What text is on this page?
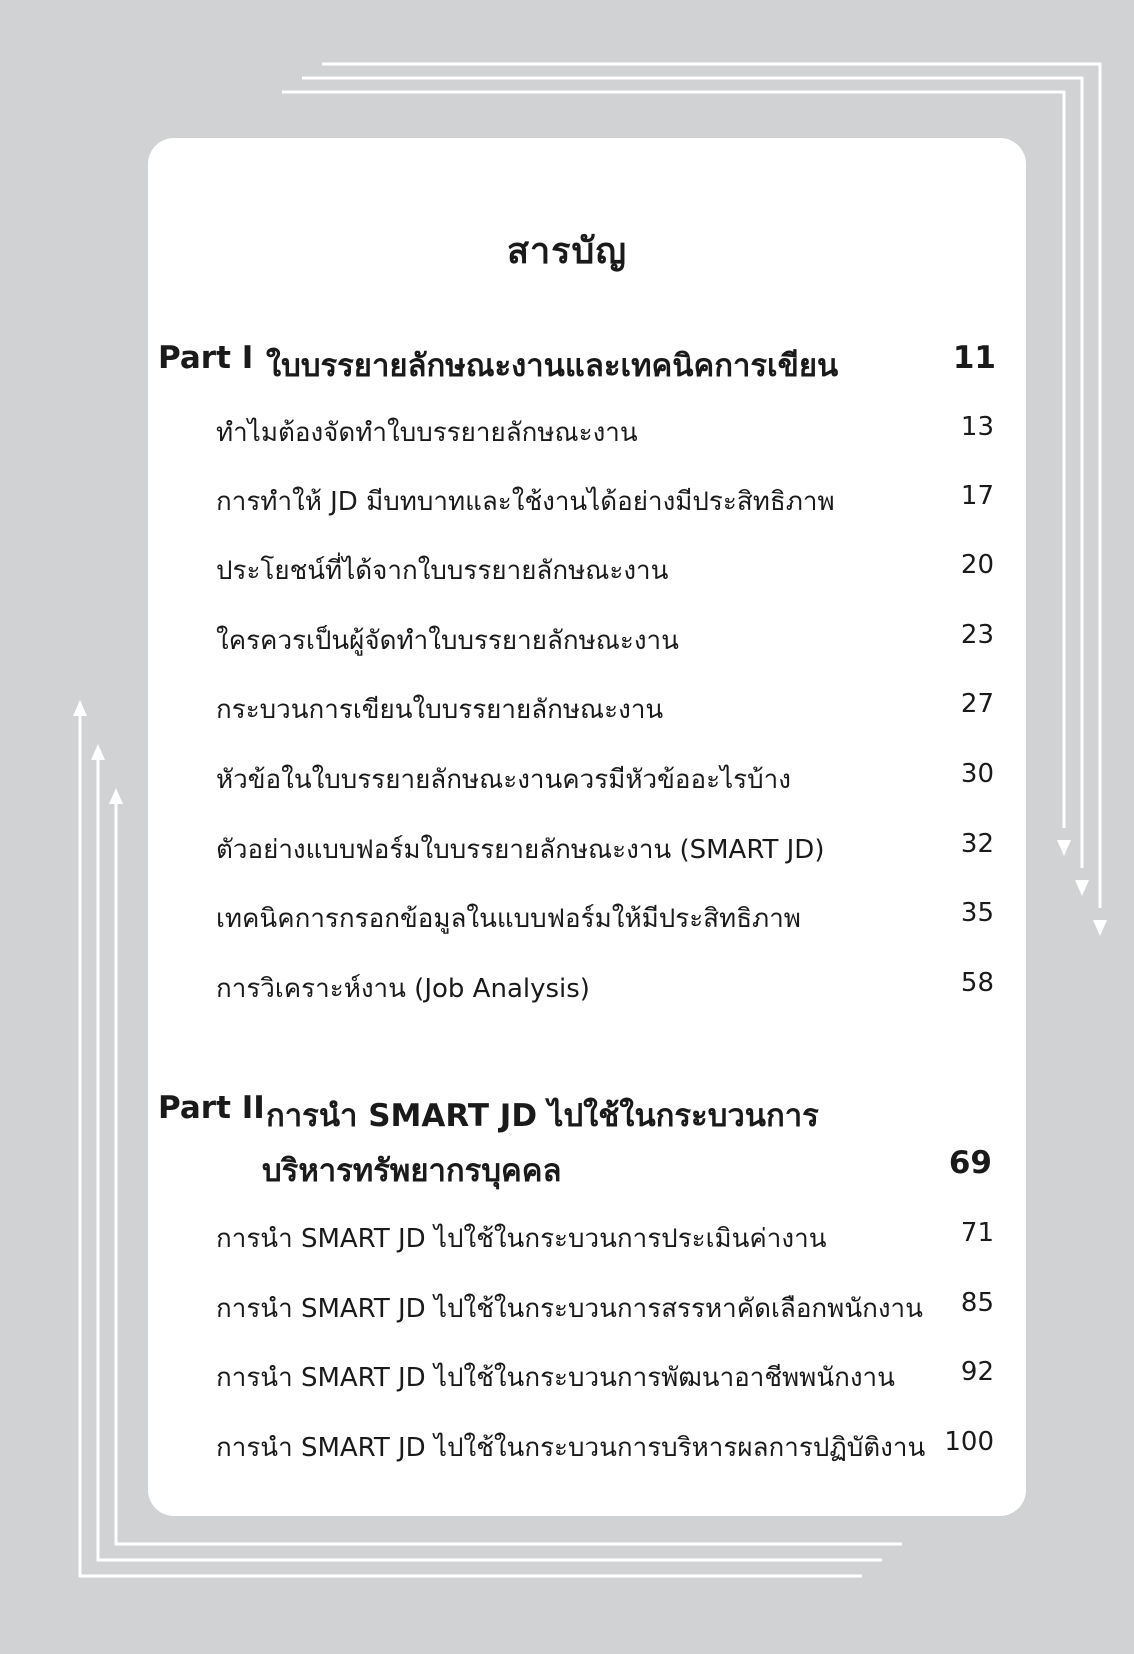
สารบัญ
Part I ใบบรรยายลักษณะงานและเทคนิคการเขียน	11
ทำไมต้องจัดทำใบบรรยายลักษณะงาน	13
การทำให้ JD มีบทบาทและใช้งานได้อย่างมีประสิทธิภาพ	17
ประโยชน์ที่ได้จากใบบรรยายลักษณะงาน	20
ใครควรเป็นผู้จัดทำใบบรรยายลักษณะงาน	23
กระบวนการเขียนใบบรรยายลักษณะงาน	27
หัวข้อในใบบรรยายลักษณะงานควรมีหัวข้ออะไรบ้าง	30
ตัวอย่างแบบฟอร์มใบบรรยายลักษณะงาน (SMART JD)	32
เทคนิคการกรอกข้อมูลในแบบฟอร์มให้มีประสิทธิภาพ	35
การวิเคราะห์งาน (Job Analysis)	58
Part II การนำ SMART JD ไปใช้ในกระบวนการ
บริหารทรัพยากรบุคคล	69
การนำ SMART JD ไปใช้ในกระบวนการประเมินค่างาน	71
การนำ SMART JD ไปใช้ในกระบวนการสรรหาคัดเลือกพนักงาน 85
การนำ SMART JD ไปใช้ในกระบวนการพัฒนาอาชีพพนักงาน	92
การนำ SMART JD ไปใช้ในกระบวนการบริหารผลการปฏิบัติงาน 100
